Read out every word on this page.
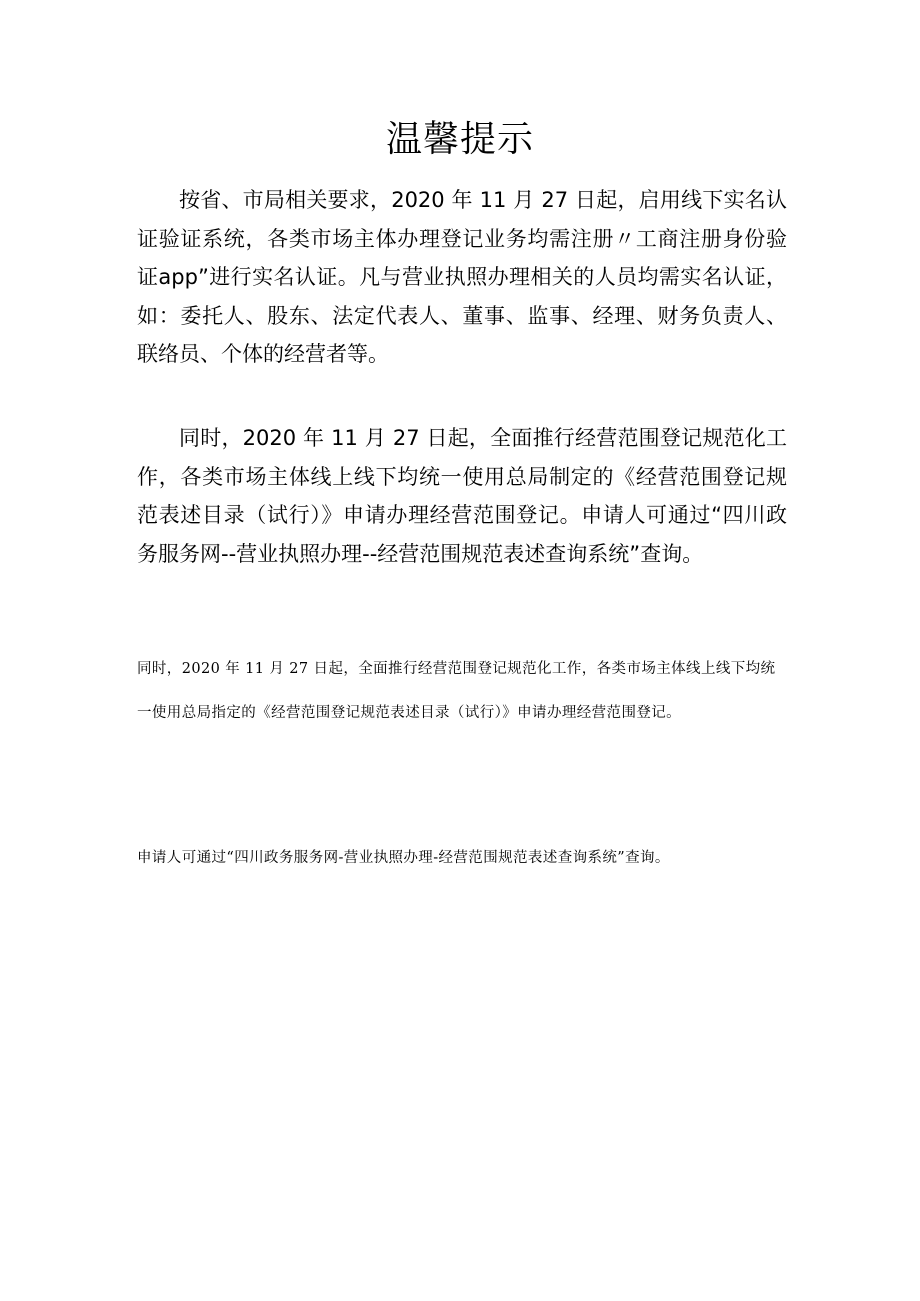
温馨提示

按省、市局相关要求，2020 年 11 月 27 日起，启用线下实名认证验证系统，各类市场主体办理登记业务均需注册〃工商注册身份验证app”进行实名认证。凡与营业执照办理相关的人员均需实名认证，如：委托人、股东、法定代表人、董事、监事、经理、财务负责人、联络员、个体的经营者等。

同时，2020 年 11 月 27 日起，全面推行经营范围登记规范化工作，各类市场主体线上线下均统一使用总局制定的《经营范围登记规范表述目录（试行）》申请办理经营范围登记。申请人可通过“四川政务服务网--营业执照办理--经营范围规范表述查询系统”查询。

同时，2020 年 11 月 27 日起，全面推行经营范围登记规范化工作，各类市场主体线上线下均统一使用总局指定的《经营范围登记规范表述目录（试行）》申请办理经营范围登记。

申请人可通过“四川政务服务网-营业执照办理-经营范围规范表述查询系统”查询。
